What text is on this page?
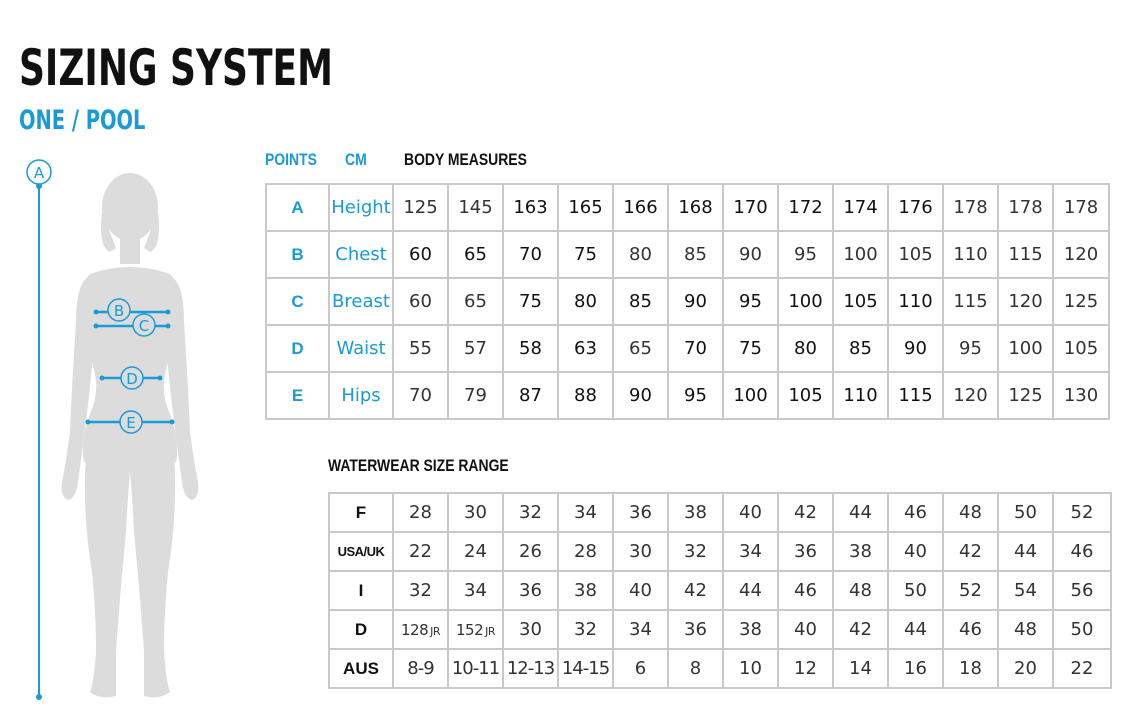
SIZING SYSTEM
ONE / POOL
A
B
C
D
E
POINTS CM BODY MEASURES
A	Height	125	145	163	165	166	168	170	172	174	176	178	178	178
B	Chest	60	65	70	75	80	85	90	95	100	105	110	115	120
C	Breast	60	65	75	80	85	90	95	100	105	110	115	120	125
D	Waist	55	57	58	63	65	70	75	80	85	90	95	100	105
E	Hips	70	79	87	88	90	95	100	105	110	115	120	125	130
WATERWEAR SIZE RANGE
F	28	30	32	34	36	38	40	42	44	46	48	50	52
USA/UK	22	24	26	28	30	32	34	36	38	40	42	44	46
I	32	34	36	38	40	42	44	46	48	50	52	54	56
D	128 JR	152 JR	30	32	34	36	38	40	42	44	46	48	50
AUS	8-9	10-11	12-13	14-15	6	8	10	12	14	16	18	20	22
